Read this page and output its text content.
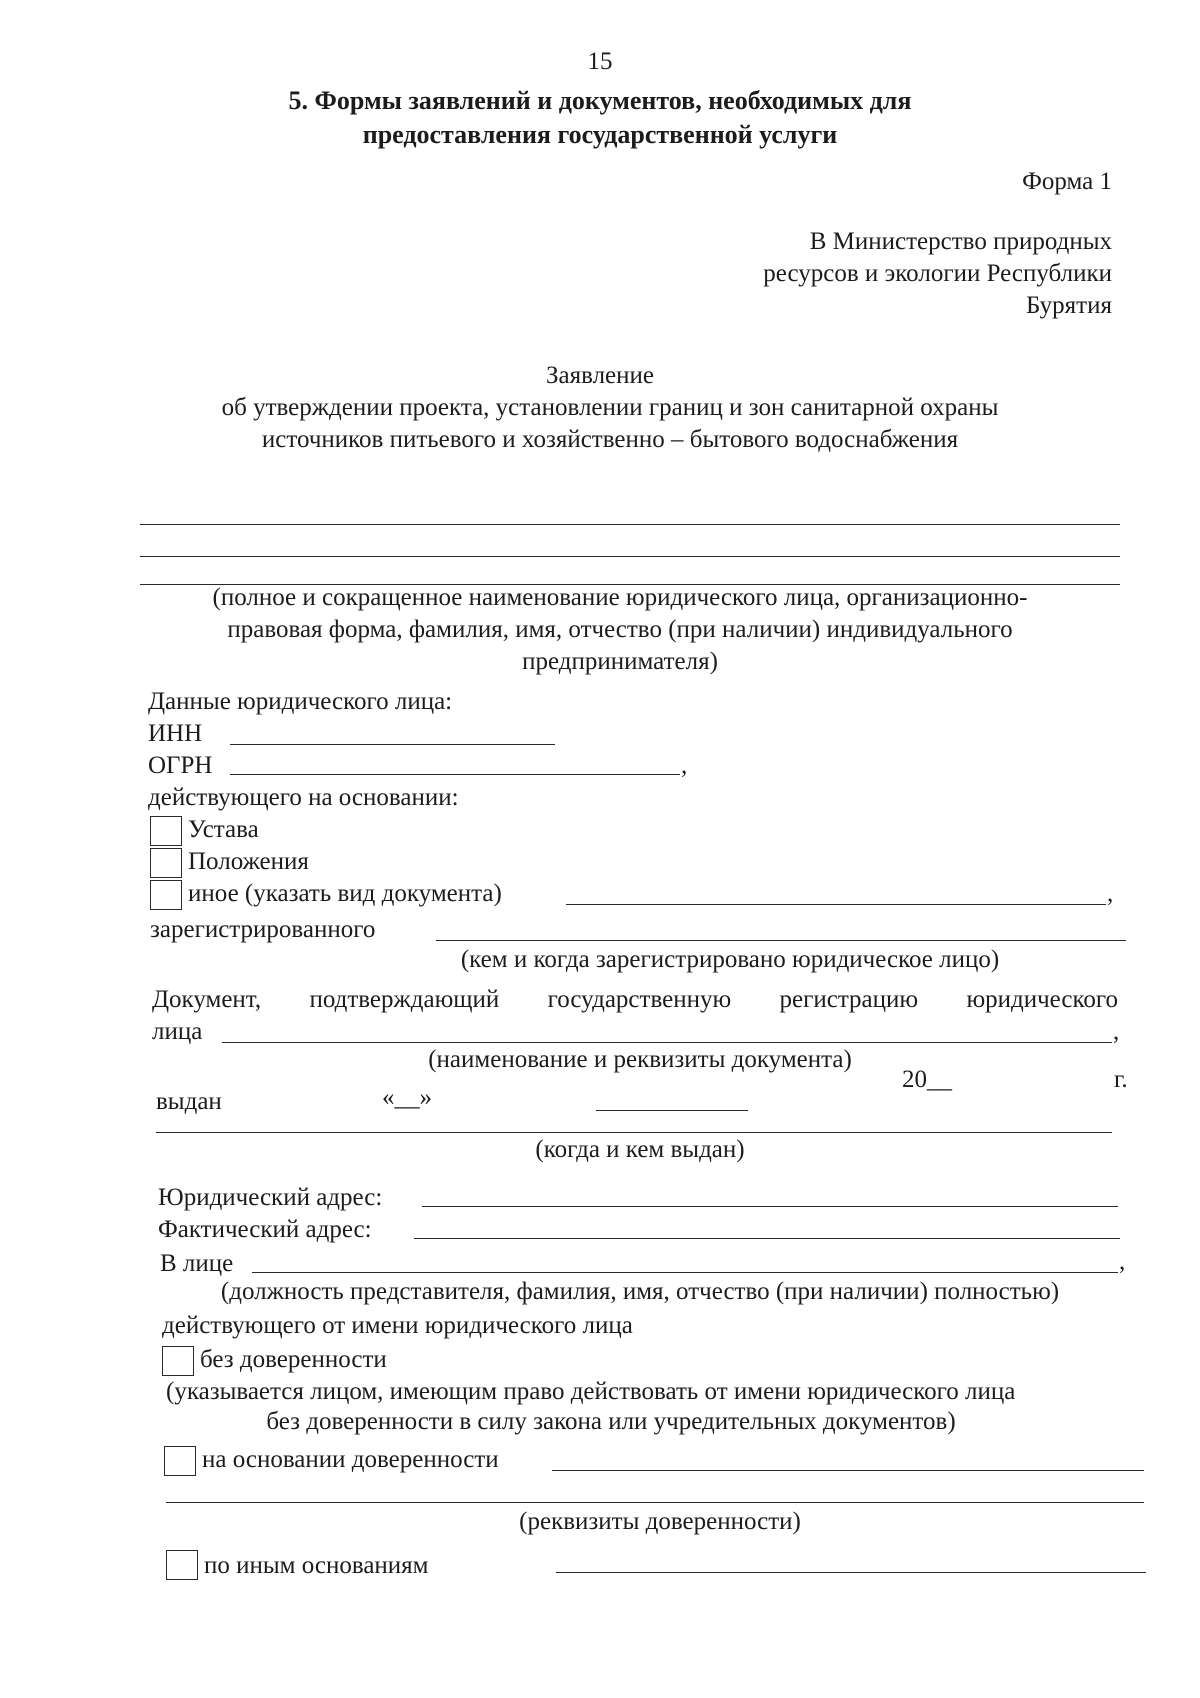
15
5. Формы заявлений и документов, необходимых для
предоставления государственной услуги
Форма 1
В Министерство природных
ресурсов и экологии Республики
Бурятия
Заявление
об утверждении проекта, установлении границ и зон санитарной охраны
источников питьевого и хозяйственно – бытового водоснабжения
(полное и сокращенное наименование юридического лица, организационно-
правовая форма, фамилия, имя, отчество (при наличии) индивидуального
предпринимателя)
Данные юридического лица:
ИНН
ОГРН	,
действующего на основании:
Устава
Положения
иное (указать вид документа)	,
зарегистрированного
(кем и когда зарегистрировано юридическое лицо)
Документ, подтверждающий государственную регистрацию юридического
лица	,
(наименование и реквизиты документа)
выдан	«__»
20__	г.
(когда и кем выдан)
Юридический адрес:
Фактический адрес:
В лице	,
(должность представителя, фамилия, имя, отчество (при наличии) полностью)
действующего от имени юридического лица
без доверенности
(указывается лицом, имеющим право действовать от имени юридического лица
без доверенности в силу закона или учредительных документов)
на основании доверенности
(реквизиты доверенности)
по иным основаниям
